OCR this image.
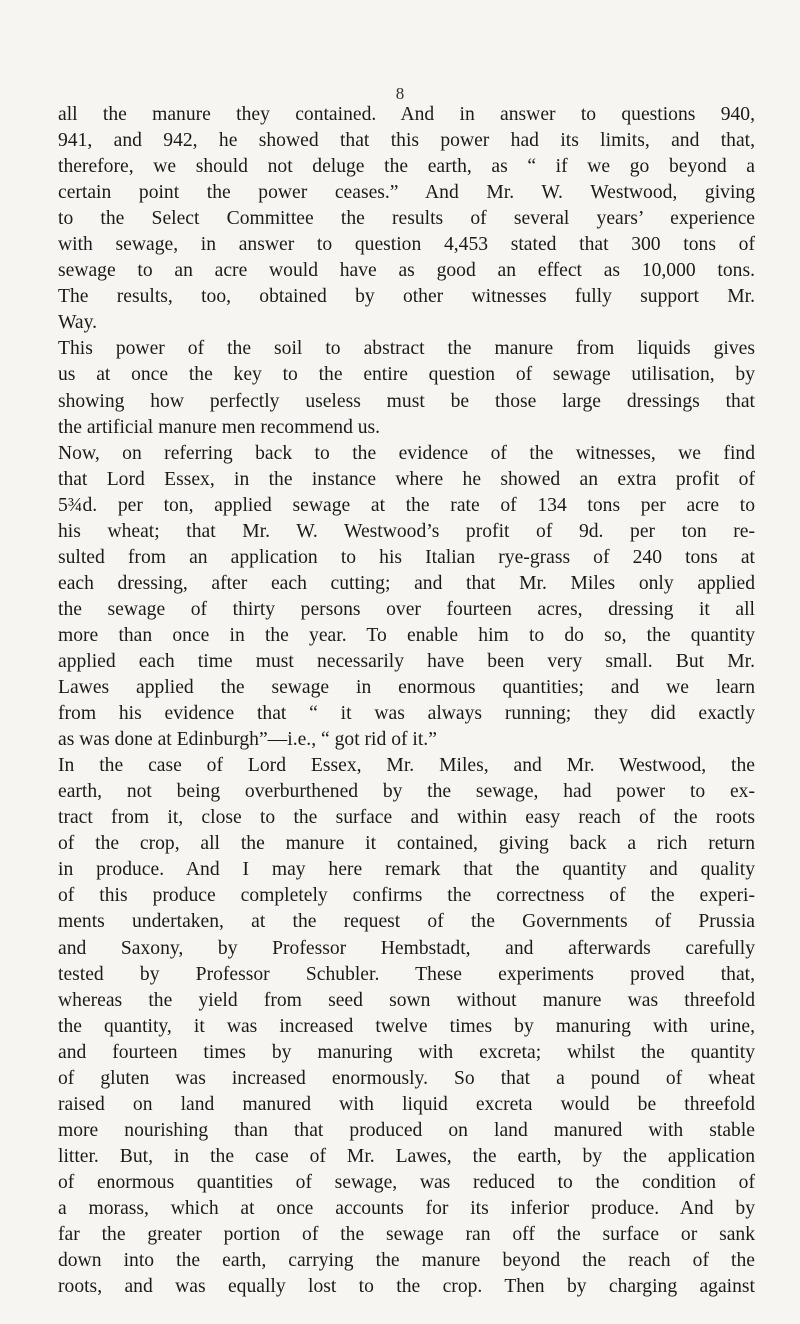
8
all the manure they contained. And in answer to questions 940,
941, and 942, he showed that this power had its limits, and that,
therefore, we should not deluge the earth, as “ if we go beyond a
certain point the power ceases.” And Mr. W. Westwood, giving
to the Select Committee the results of several years’ experience
with sewage, in answer to question 4,453 stated that 300 tons of
sewage to an acre would have as good an effect as 10,000 tons.
The results, too, obtained by other witnesses fully support Mr.
Way.
This power of the soil to abstract the manure from liquids gives
us at once the key to the entire question of sewage utilisation, by
showing how perfectly useless must be those large dressings that
the artificial manure men recommend us.
Now, on referring back to the evidence of the witnesses, we find
that Lord Essex, in the instance where he showed an extra profit of
5¾d. per ton, applied sewage at the rate of 134 tons per acre to
his wheat; that Mr. W. Westwood’s profit of 9d. per ton re-
sulted from an application to his Italian rye-grass of 240 tons at
each dressing, after each cutting; and that Mr. Miles only applied
the sewage of thirty persons over fourteen acres, dressing it all
more than once in the year. To enable him to do so, the quantity
applied each time must necessarily have been very small. But Mr.
Lawes applied the sewage in enormous quantities; and we learn
from his evidence that “ it was always running; they did exactly
as was done at Edinburgh”—i.e., “ got rid of it.”
In the case of Lord Essex, Mr. Miles, and Mr. Westwood, the
earth, not being overburthened by the sewage, had power to ex-
tract from it, close to the surface and within easy reach of the roots
of the crop, all the manure it contained, giving back a rich return
in produce. And I may here remark that the quantity and quality
of this produce completely confirms the correctness of the experi-
ments undertaken, at the request of the Governments of Prussia
and Saxony, by Professor Hembstadt, and afterwards carefully
tested by Professor Schubler. These experiments proved that,
whereas the yield from seed sown without manure was threefold
the quantity, it was increased twelve times by manuring with urine,
and fourteen times by manuring with excreta; whilst the quantity
of gluten was increased enormously. So that a pound of wheat
raised on land manured with liquid excreta would be threefold
more nourishing than that produced on land manured with stable
litter. But, in the case of Mr. Lawes, the earth, by the application
of enormous quantities of sewage, was reduced to the condition of
a morass, which at once accounts for its inferior produce. And by
far the greater portion of the sewage ran off the surface or sank
down into the earth, carrying the manure beyond the reach of the
roots, and was equally lost to the crop. Then by charging against
